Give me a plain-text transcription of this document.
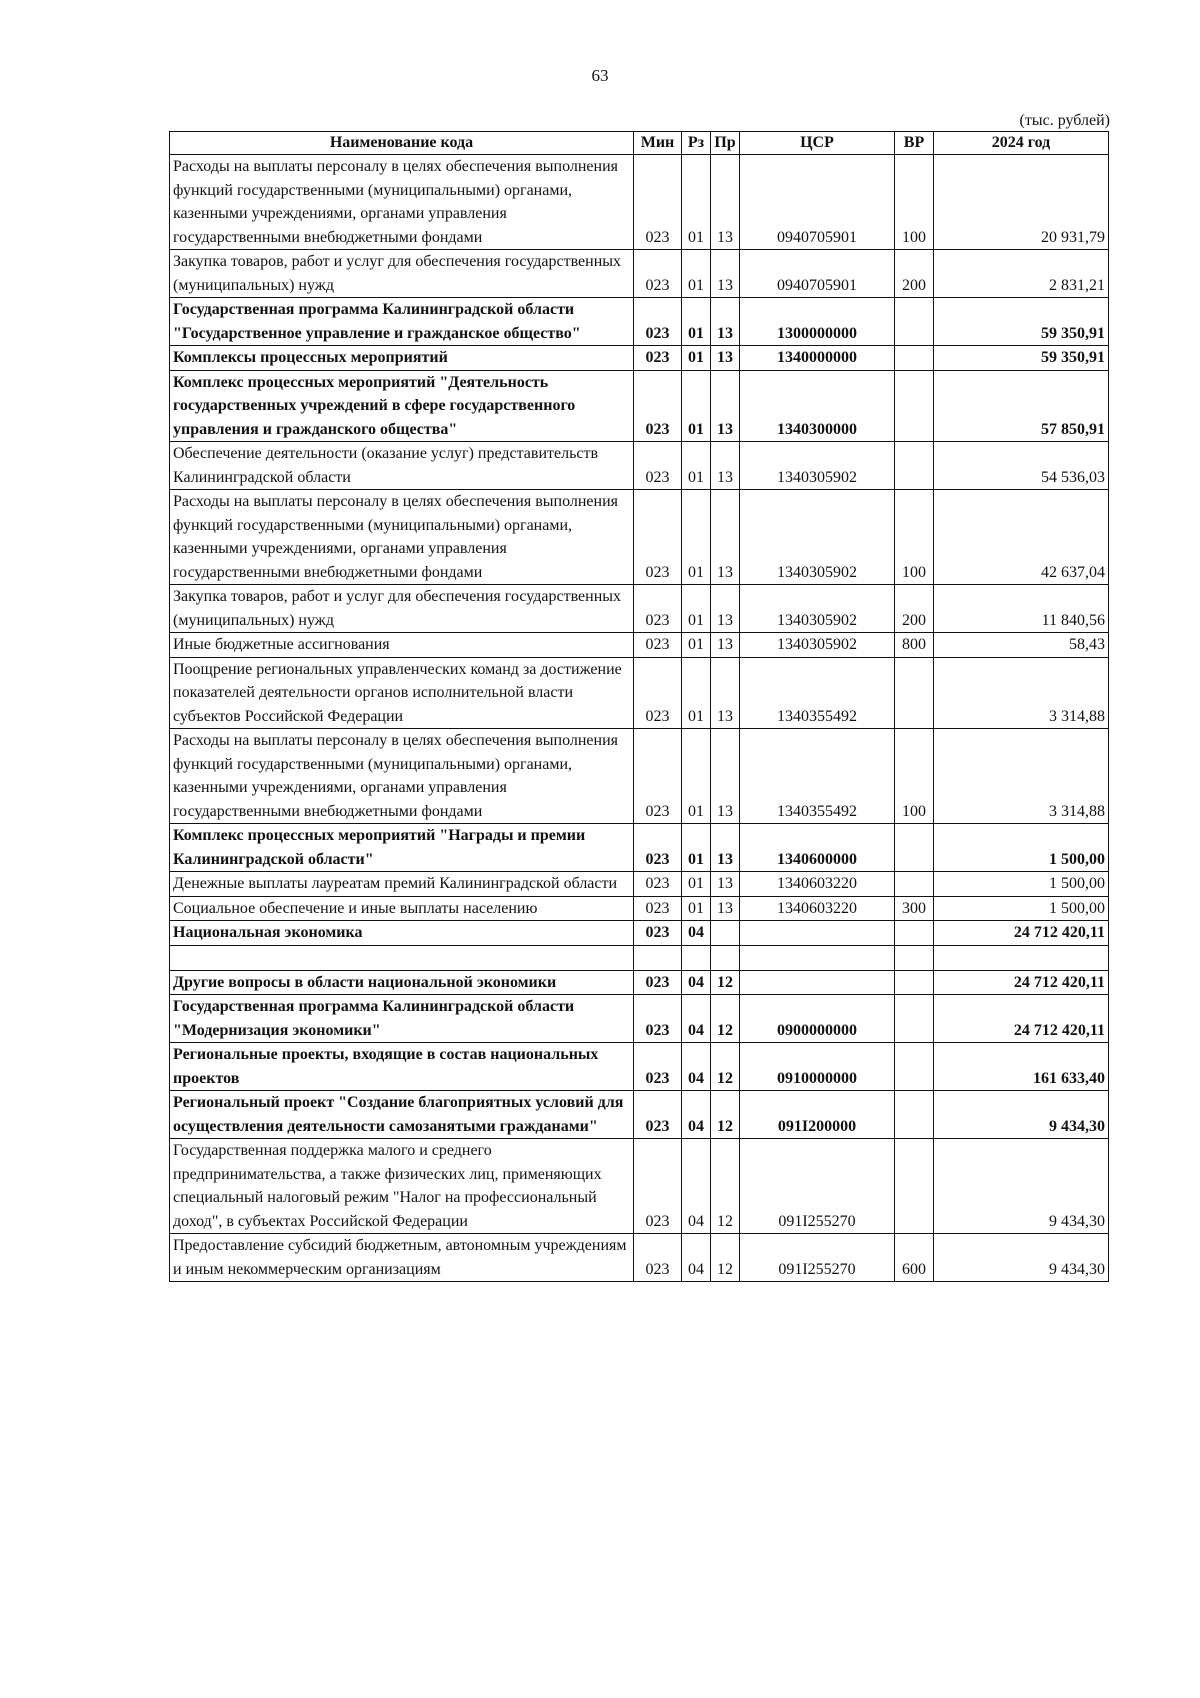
63
(тыс. рублей)
Наименование кода	Мин	Рз	Пр	ЦСР	ВР	2024 год
Расходы на выплаты персоналу в целях обеспечения выполнения функций государственными (муниципальными) органами, казенными учреждениями, органами управления государственными внебюджетными фондами	023	01	13	0940705901	100	20 931,79
Закупка товаров, работ и услуг для обеспечения государственных (муниципальных) нужд	023	01	13	0940705901	200	2 831,21
Государственная программа Калининградской области "Государственное управление и гражданское общество"	023	01	13	1300000000		59 350,91
Комплексы процессных мероприятий	023	01	13	1340000000		59 350,91
Комплекс процессных мероприятий "Деятельность государственных учреждений в сфере государственного управления и гражданского общества"	023	01	13	1340300000		57 850,91
Обеспечение деятельности (оказание услуг) представительств Калининградской области	023	01	13	1340305902		54 536,03
Расходы на выплаты персоналу в целях обеспечения выполнения функций государственными (муниципальными) органами, казенными учреждениями, органами управления государственными внебюджетными фондами	023	01	13	1340305902	100	42 637,04
Закупка товаров, работ и услуг для обеспечения государственных (муниципальных) нужд	023	01	13	1340305902	200	11 840,56
Иные бюджетные ассигнования	023	01	13	1340305902	800	58,43
Поощрение региональных управленческих команд за достижение показателей деятельности органов исполнительной власти субъектов Российской Федерации	023	01	13	1340355492		3 314,88
Расходы на выплаты персоналу в целях обеспечения выполнения функций государственными (муниципальными) органами, казенными учреждениями, органами управления государственными внебюджетными фондами	023	01	13	1340355492	100	3 314,88
Комплекс процессных мероприятий "Награды и премии Калининградской области"	023	01	13	1340600000		1 500,00
Денежные выплаты лауреатам премий Калининградской области	023	01	13	1340603220		1 500,00
Социальное обеспечение и иные выплаты населению	023	01	13	1340603220	300	1 500,00
Национальная экономика	023	04				24 712 420,11

Другие вопросы в области национальной экономики	023	04	12			24 712 420,11
Государственная программа Калининградской области "Модернизация экономики"	023	04	12	0900000000		24 712 420,11
Региональные проекты, входящие в состав национальных проектов	023	04	12	0910000000		161 633,40
Региональный проект "Создание благоприятных условий для осуществления деятельности самозанятыми гражданами"	023	04	12	091I200000		9 434,30
Государственная поддержка малого и среднего предпринимательства, а также физических лиц, применяющих специальный налоговый режим "Налог на профессиональный доход", в субъектах Российской Федерации	023	04	12	091I255270		9 434,30
Предоставление субсидий бюджетным, автономным учреждениям и иным некоммерческим организациям	023	04	12	091I255270	600	9 434,30
